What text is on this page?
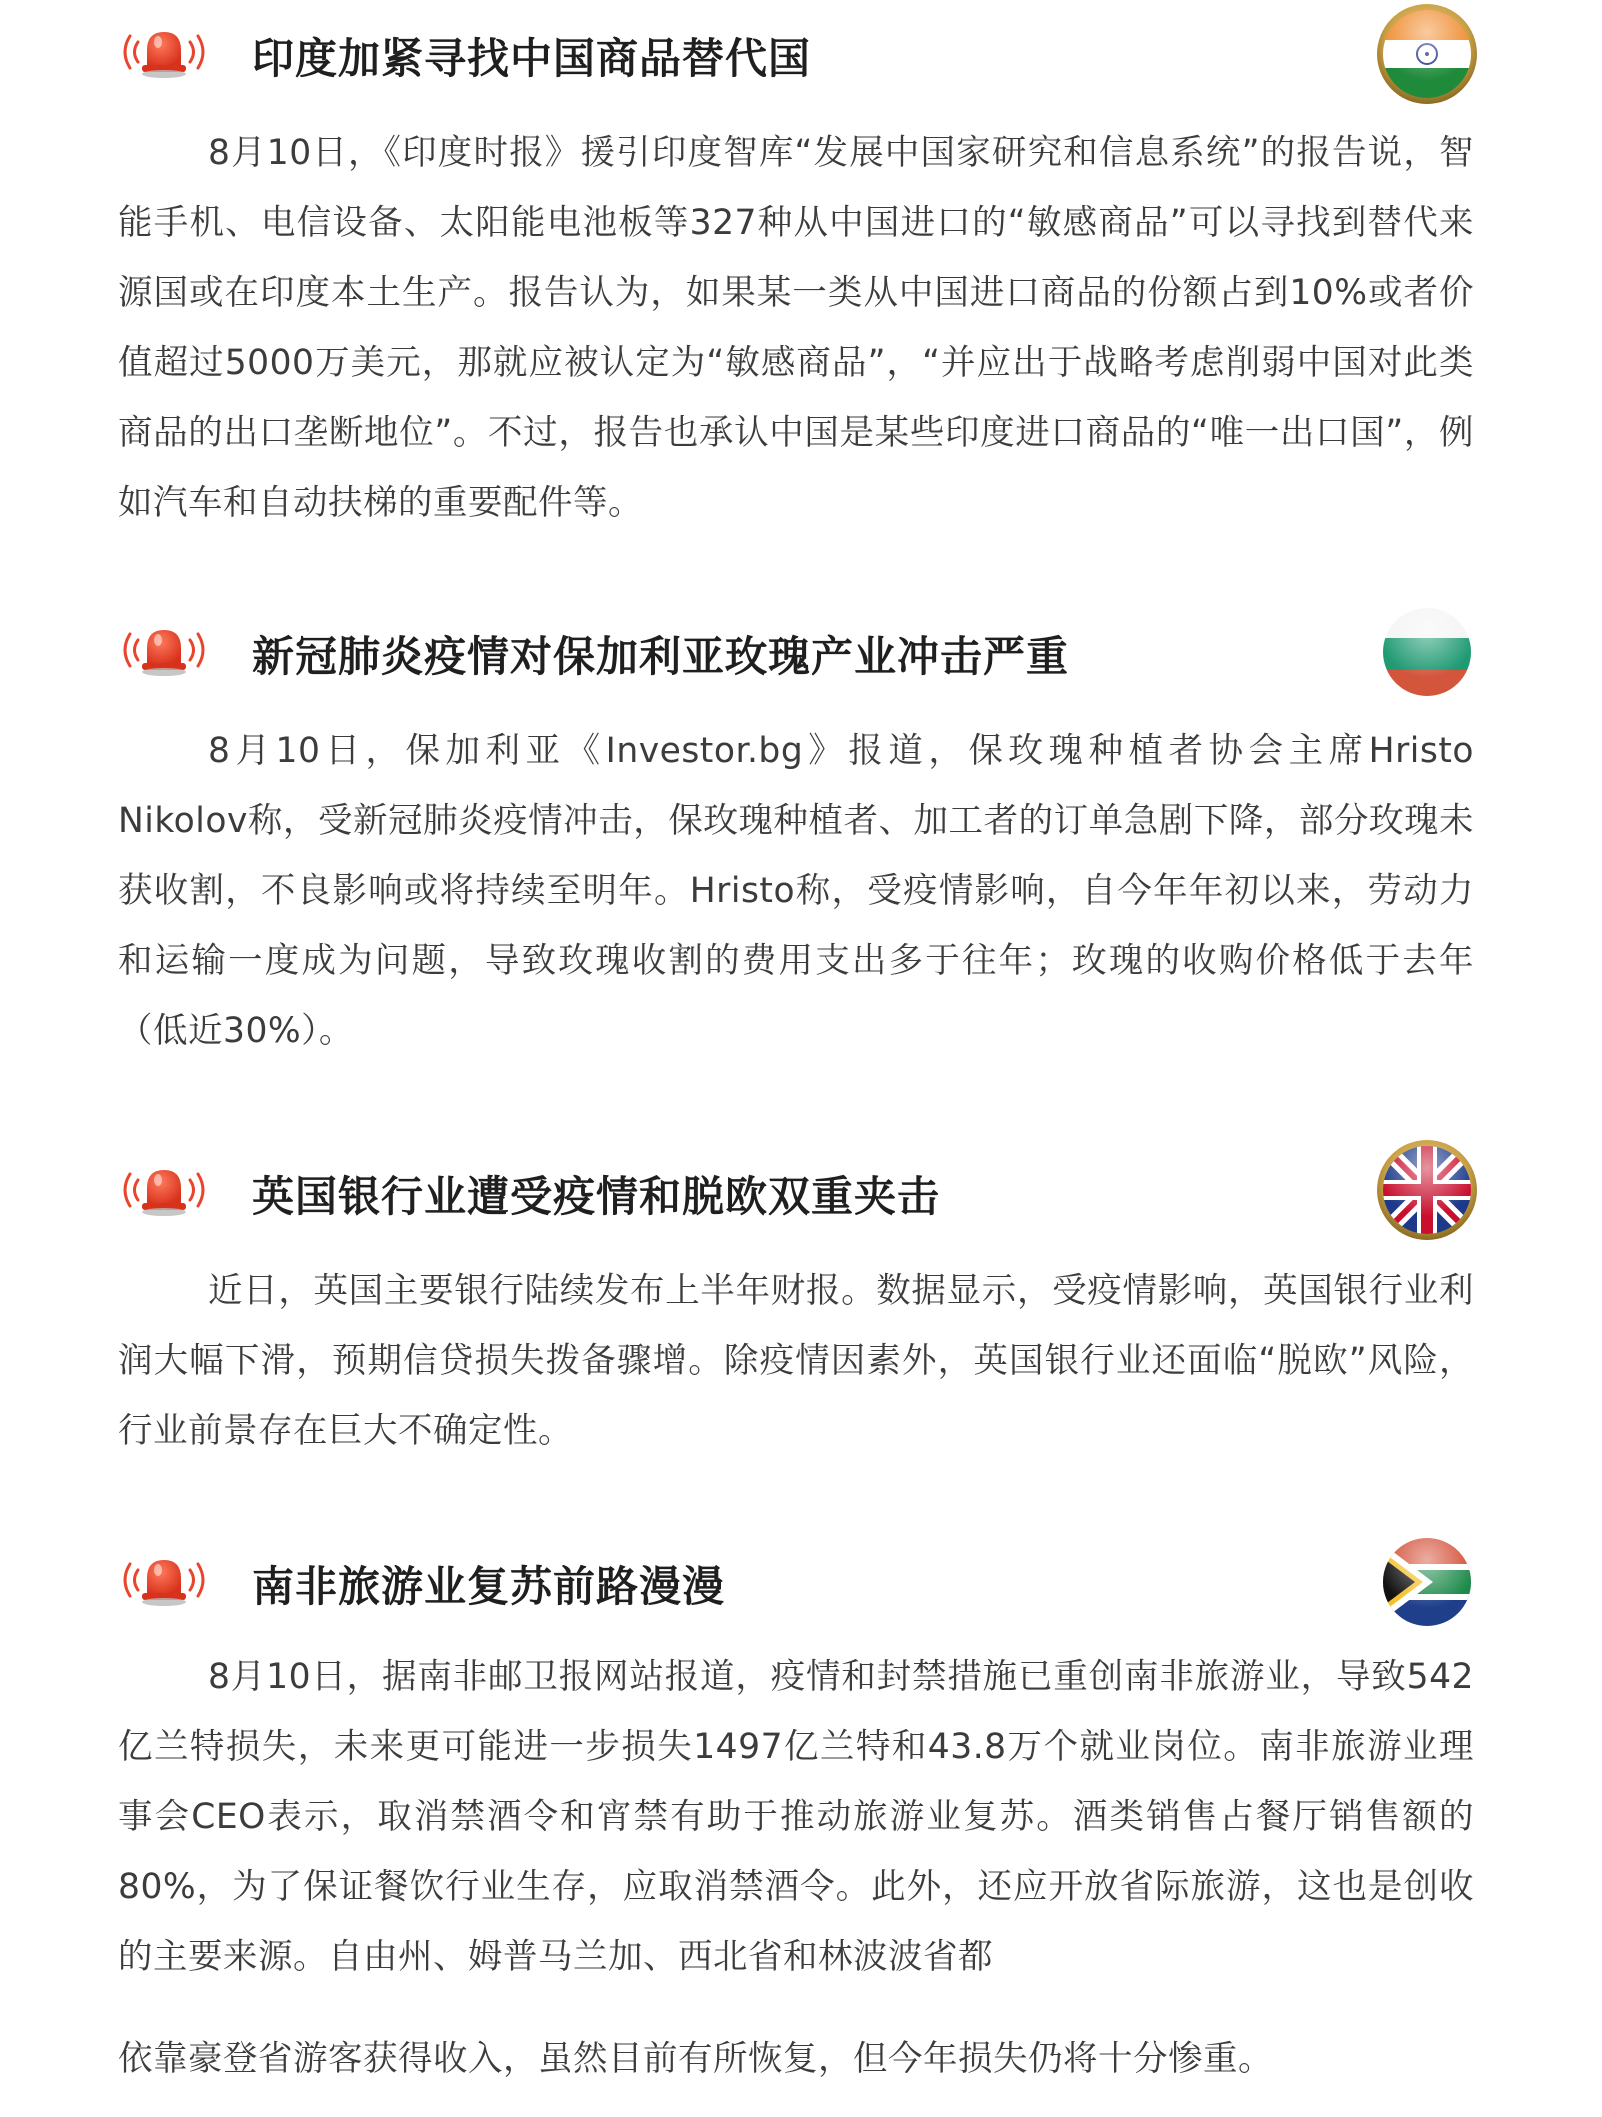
印度加紧寻找中国商品替代国
8月10日，《印度时报》援引印度智库“发展中国家研究和信息系统”的报告说，智能手机、电信设备、太阳能电池板等327种从中国进口的“敏感商品”可以寻找到替代来源国或在印度本土生产。报告认为，如果某一类从中国进口商品的份额占到10%或者价值超过5000万美元，那就应被认定为“敏感商品”，“并应出于战略考虑削弱中国对此类商品的出口垄断地位”。不过，报告也承认中国是某些印度进口商品的“唯一出口国”，例如汽车和自动扶梯的重要配件等。
新冠肺炎疫情对保加利亚玫瑰产业冲击严重
8月10日，保加利亚《Investor.bg》报道，保玫瑰种植者协会主席Hristo Nikolov称，受新冠肺炎疫情冲击，保玫瑰种植者、加工者的订单急剧下降，部分玫瑰未获收割，不良影响或将持续至明年。Hristo称，受疫情影响，自今年年初以来，劳动力和运输一度成为问题，导致玫瑰收割的费用支出多于往年；玫瑰的收购价格低于去年（低近30%）。
英国银行业遭受疫情和脱欧双重夹击
近日，英国主要银行陆续发布上半年财报。数据显示，受疫情影响，英国银行业利润大幅下滑，预期信贷损失拨备骤增。除疫情因素外，英国银行业还面临“脱欧”风险，行业前景存在巨大不确定性。
南非旅游业复苏前路漫漫
8月10日，据南非邮卫报网站报道，疫情和封禁措施已重创南非旅游业，导致542亿兰特损失，未来更可能进一步损失1497亿兰特和43.8万个就业岗位。南非旅游业理事会CEO表示，取消禁酒令和宵禁有助于推动旅游业复苏。酒类销售占餐厅销售额的80%，为了保证餐饮行业生存，应取消禁酒令。此外，还应开放省际旅游，这也是创收的主要来源。自由州、姆普马兰加、西北省和林波波省都
依靠豪登省游客获得收入，虽然目前有所恢复，但今年损失仍将十分惨重。
